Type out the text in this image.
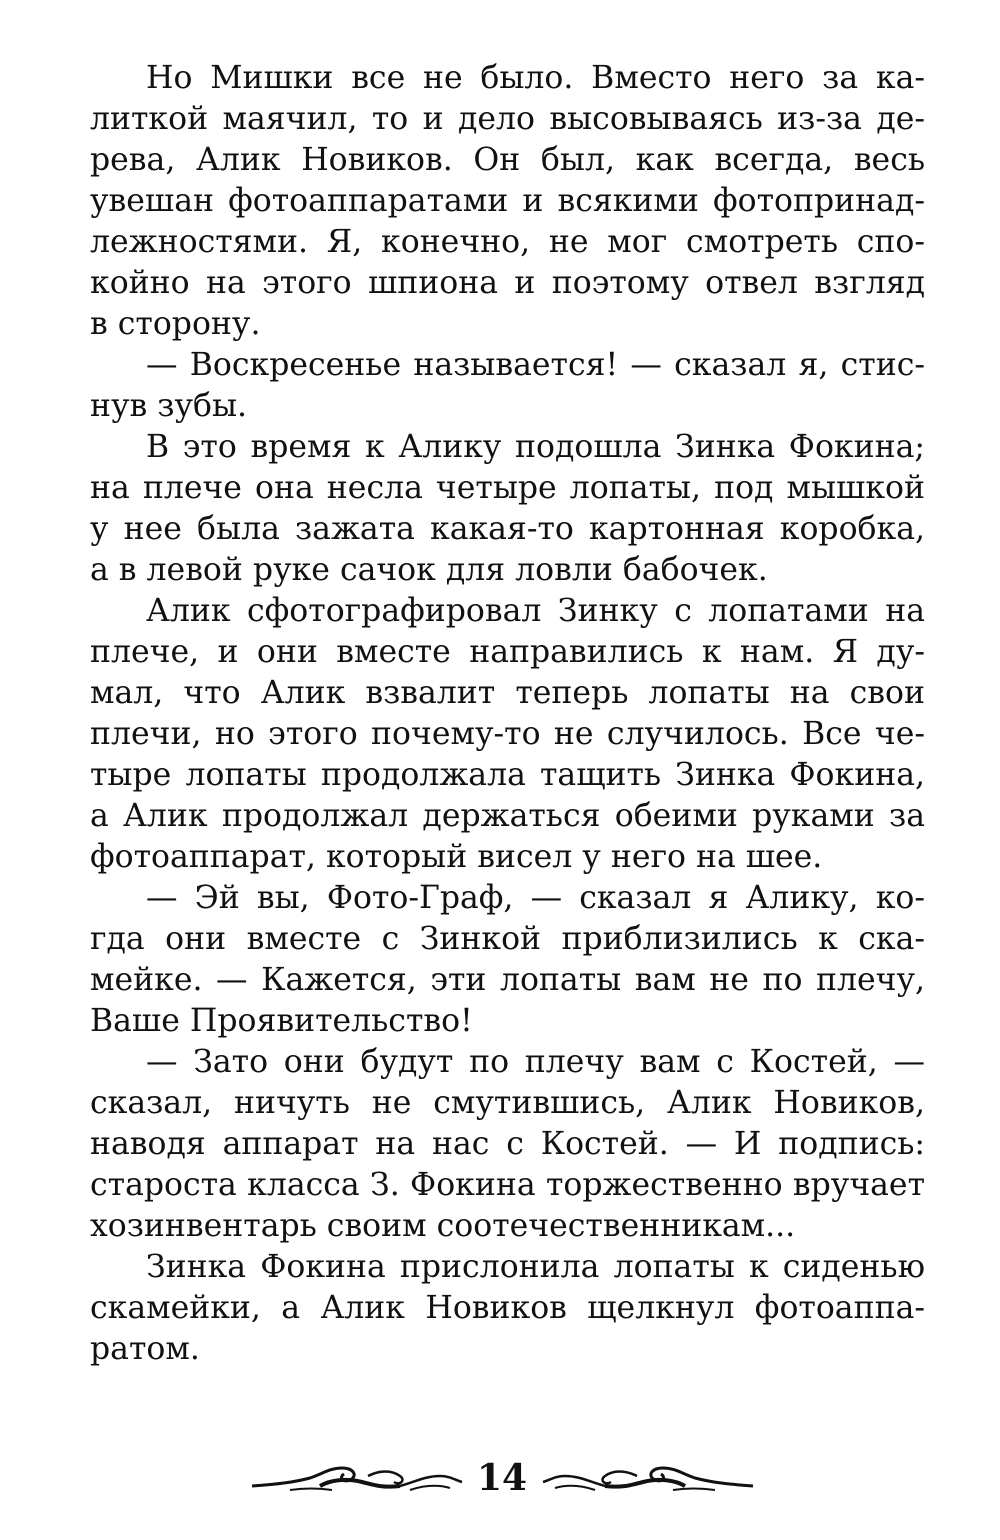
Но Мишки все не было. Вместо него за ка-
литкой маячил, то и дело высовываясь из-за де-
рева, Алик Новиков. Он был, как всегда, весь
увешан фотоаппаратами и всякими фотопринад-
лежностями. Я, конечно, не мог смотреть спо-
койно на этого шпиона и поэтому отвел взгляд
в сторону.
— Воскресенье называется! — сказал я, стис-
нув зубы.
В это время к Алику подошла Зинка Фокина;
на плече она несла четыре лопаты, под мышкой
у нее была зажата какая-то картонная коробка,
а в левой руке сачок для ловли бабочек.
Алик сфотографировал Зинку с лопатами на
плече, и они вместе направились к нам. Я ду-
мал, что Алик взвалит теперь лопаты на свои
плечи, но этого почему-то не случилось. Все че-
тыре лопаты продолжала тащить Зинка Фокина,
а Алик продолжал держаться обеими руками за
фотоаппарат, который висел у него на шее.
— Эй вы, Фото-Граф, — сказал я Алику, ко-
гда они вместе с Зинкой приблизились к ска-
мейке. — Кажется, эти лопаты вам не по плечу,
Ваше Проявительство!
— Зато они будут по плечу вам с Костей, —
сказал, ничуть не смутившись, Алик Новиков,
наводя аппарат на нас с Костей. — И подпись:
староста класса З. Фокина торжественно вручает
хозинвентарь своим соотечественникам...
Зинка Фокина прислонила лопаты к сиденью
скамейки, а Алик Новиков щелкнул фотоаппа-
ратом.
14
